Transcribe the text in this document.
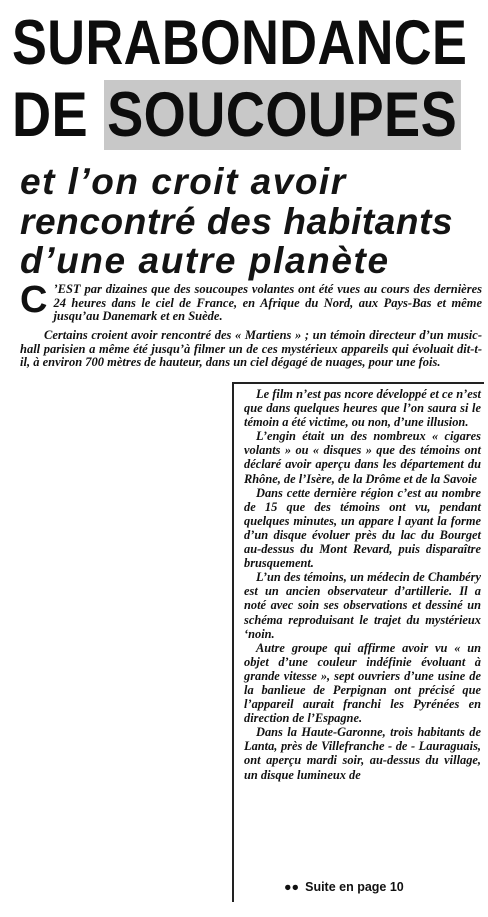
SURABONDANCE
DE SOUCOUPES
et l’on croit avoir
rencontré des habitants
d’une autre planète
C ’EST par dizaines que des soucoupes volantes ont été vues au cours des dernières 24 heures dans le ciel de France, en Afrique du Nord, aux Pays-Bas et même jusqu’au Danemark et en Suède.
Certains croient avoir rencontré des « Martiens » ; un témoin directeur d’un music-hall parisien a même été jusqu’à filmer un de ces mystérieux appareils qui évoluait dit-t-il, à environ 700 mètres de hauteur, dans un ciel dégagé de nuages, pour une fois.

Le film n’est pas ncore développé et ce n’est que dans quelques heures que l’on saura si le témoin a été victime, ou non, d’une illusion.

L’engin était un des nombreux « cigares volants » ou « disques » que des témoins ont déclaré avoir aperçu dans les département du Rhône, de l’Isère, de la Drôme et de la Savoie

Dans cette dernière région c’est au nombre de 15 que des témoins ont vu, pendant quelques minutes, un appare l ayant la forme d’un disque évoluer près du lac du Bourget au-dessus du Mont Revard, puis disparaître brusquement.

L’un des témoins, un médecin de Chambéry est un ancien observateur d’artillerie. Il a noté avec soin ses observations et dessiné un schéma reproduisant le trajet du mystérieux ‘noin.

Autre groupe qui affirme avoir vu « un objet d’une couleur indéfinie évoluant à grande vitesse », sept ouvriers d’une usine de la banlieue de Perpignan ont précisé que l’appareil aurait franchi les Pyrénées en direction de l’Espagne.

Dans la Haute-Garonne, trois habitants de Lanta, près de Villefranche - de - Lauraguais, ont aperçu mardi soir, au-dessus du village, un disque lumineux de

●● Suite en page 10
